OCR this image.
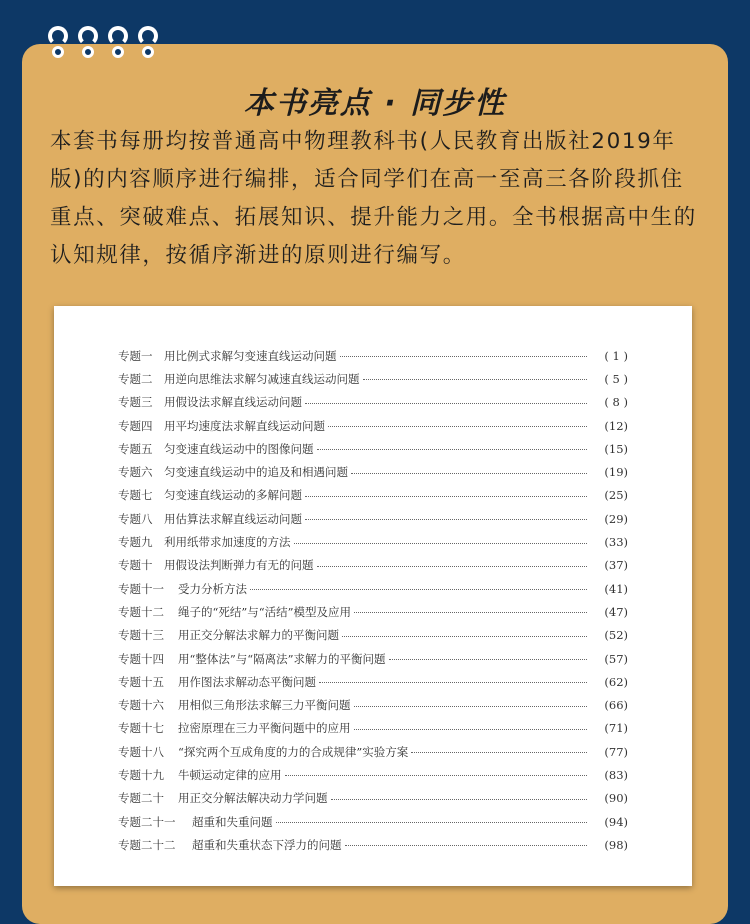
本书亮点 · 同步性
本套书每册均按普通高中物理教科书(人民教育出版社2019年版)的内容顺序进行编排，适合同学们在高一至高三各阶段抓住重点、突破难点、拓展知识、提升能力之用。全书根据高中生的认知规律，按循序渐进的原则进行编写。
专题一	用比例式求解匀变速直线运动问题	( 1 )
专题二	用逆向思维法求解匀减速直线运动问题	( 5 )
专题三	用假设法求解直线运动问题	( 8 )
专题四	用平均速度法求解直线运动问题	(12)
专题五	匀变速直线运动中的图像问题	(15)
专题六	匀变速直线运动中的追及和相遇问题	(19)
专题七	匀变速直线运动的多解问题	(25)
专题八	用估算法求解直线运动问题	(29)
专题九	利用纸带求加速度的方法	(33)
专题十	用假设法判断弹力有无的问题	(37)
专题十一	受力分析方法	(41)
专题十二	绳子的“死结”与“活结”模型及应用	(47)
专题十三	用正交分解法求解力的平衡问题	(52)
专题十四	用“整体法”与“隔离法”求解力的平衡问题	(57)
专题十五	用作图法求解动态平衡问题	(62)
专题十六	用相似三角形法求解三力平衡问题	(66)
专题十七	拉密原理在三力平衡问题中的应用	(71)
专题十八	“探究两个互成角度的力的合成规律”实验方案	(77)
专题十九	牛顿运动定律的应用	(83)
专题二十	用正交分解法解决动力学问题	(90)
专题二十一	超重和失重问题	(94)
专题二十二	超重和失重状态下浮力的问题	(98)
